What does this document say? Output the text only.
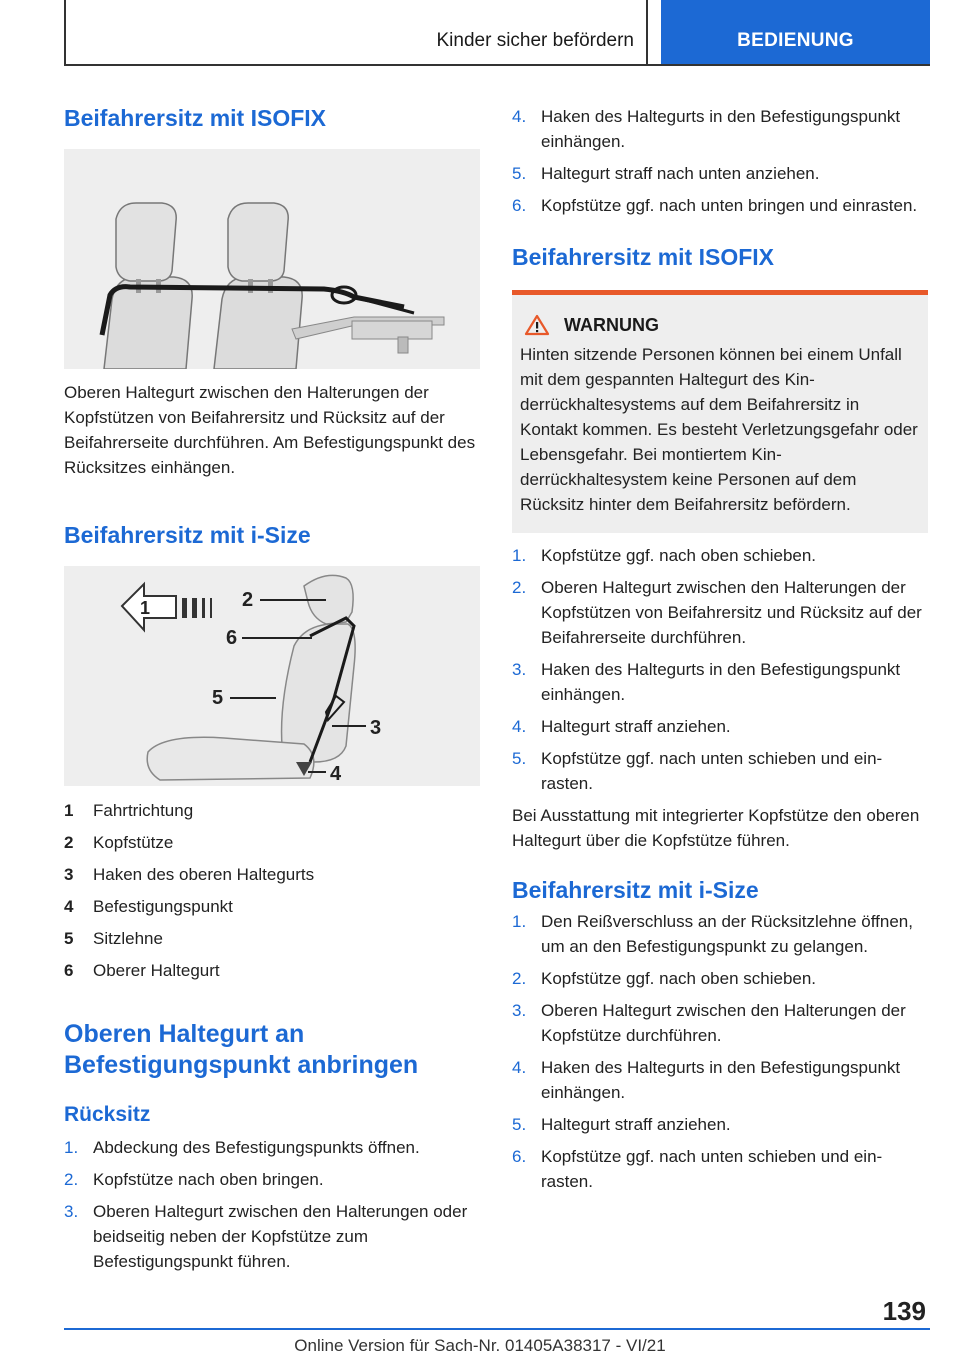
Kinder sicher befördern	BEDIENUNG
Beifahrersitz mit ISOFIX
Oberen Haltegurt zwischen den Halterungen der Kopfstützen von Beifahrersitz und Rücksitz auf der Beifahrerseite durchführen. Am Befestigungspunkt des Rücksitzes einhängen.
Beifahrersitz mit i-Size
1	2
6
5
3
4
1	Fahrtrichtung
2	Kopfstütze
3	Haken des oberen Haltegurts
4	Befestigungspunkt
5	Sitzlehne
6	Oberer Haltegurt
Oberen Haltegurt an Befestigungspunkt anbringen
Rücksitz
1. Abdeckung des Befestigungspunkts öffnen.
2. Kopfstütze nach oben bringen.
3. Oberen Haltegurt zwischen den Halterungen oder beidseitig neben der Kopfstütze zum Befestigungspunkt führen.
4. Haken des Haltegurts in den Befestigungspunkt einhängen.
5. Haltegurt straff nach unten anziehen.
6. Kopfstütze ggf. nach unten bringen und einrasten.
Beifahrersitz mit ISOFIX
WARNUNG
Hinten sitzende Personen können bei einem Unfall mit dem gespannten Haltegurt des Kinderrückhaltesystems auf dem Beifahrersitz in Kontakt kommen. Es besteht Verletzungsgefahr oder Lebensgefahr. Bei montiertem Kinderrückhaltesystem keine Personen auf dem Rücksitz hinter dem Beifahrersitz befördern.
1. Kopfstütze ggf. nach oben schieben.
2. Oberen Haltegurt zwischen den Halterungen der Kopfstützen von Beifahrersitz und Rücksitz auf der Beifahrerseite durchführen.
3. Haken des Haltegurts in den Befestigungspunkt einhängen.
4. Haltegurt straff anziehen.
5. Kopfstütze ggf. nach unten schieben und einrasten.
Bei Ausstattung mit integrierter Kopfstütze den oberen Haltegurt über die Kopfstütze führen.
Beifahrersitz mit i-Size
1. Den Reißverschluss an der Rücksitzlehne öffnen, um an den Befestigungspunkt zu gelangen.
2. Kopfstütze ggf. nach oben schieben.
3. Oberen Haltegurt zwischen den Halterungen der Kopfstütze durchführen.
4. Haken des Haltegurts in den Befestigungspunkt einhängen.
5. Haltegurt straff anziehen.
6. Kopfstütze ggf. nach unten schieben und einrasten.
139
Online Version für Sach-Nr. 01405A38317 - VI/21
